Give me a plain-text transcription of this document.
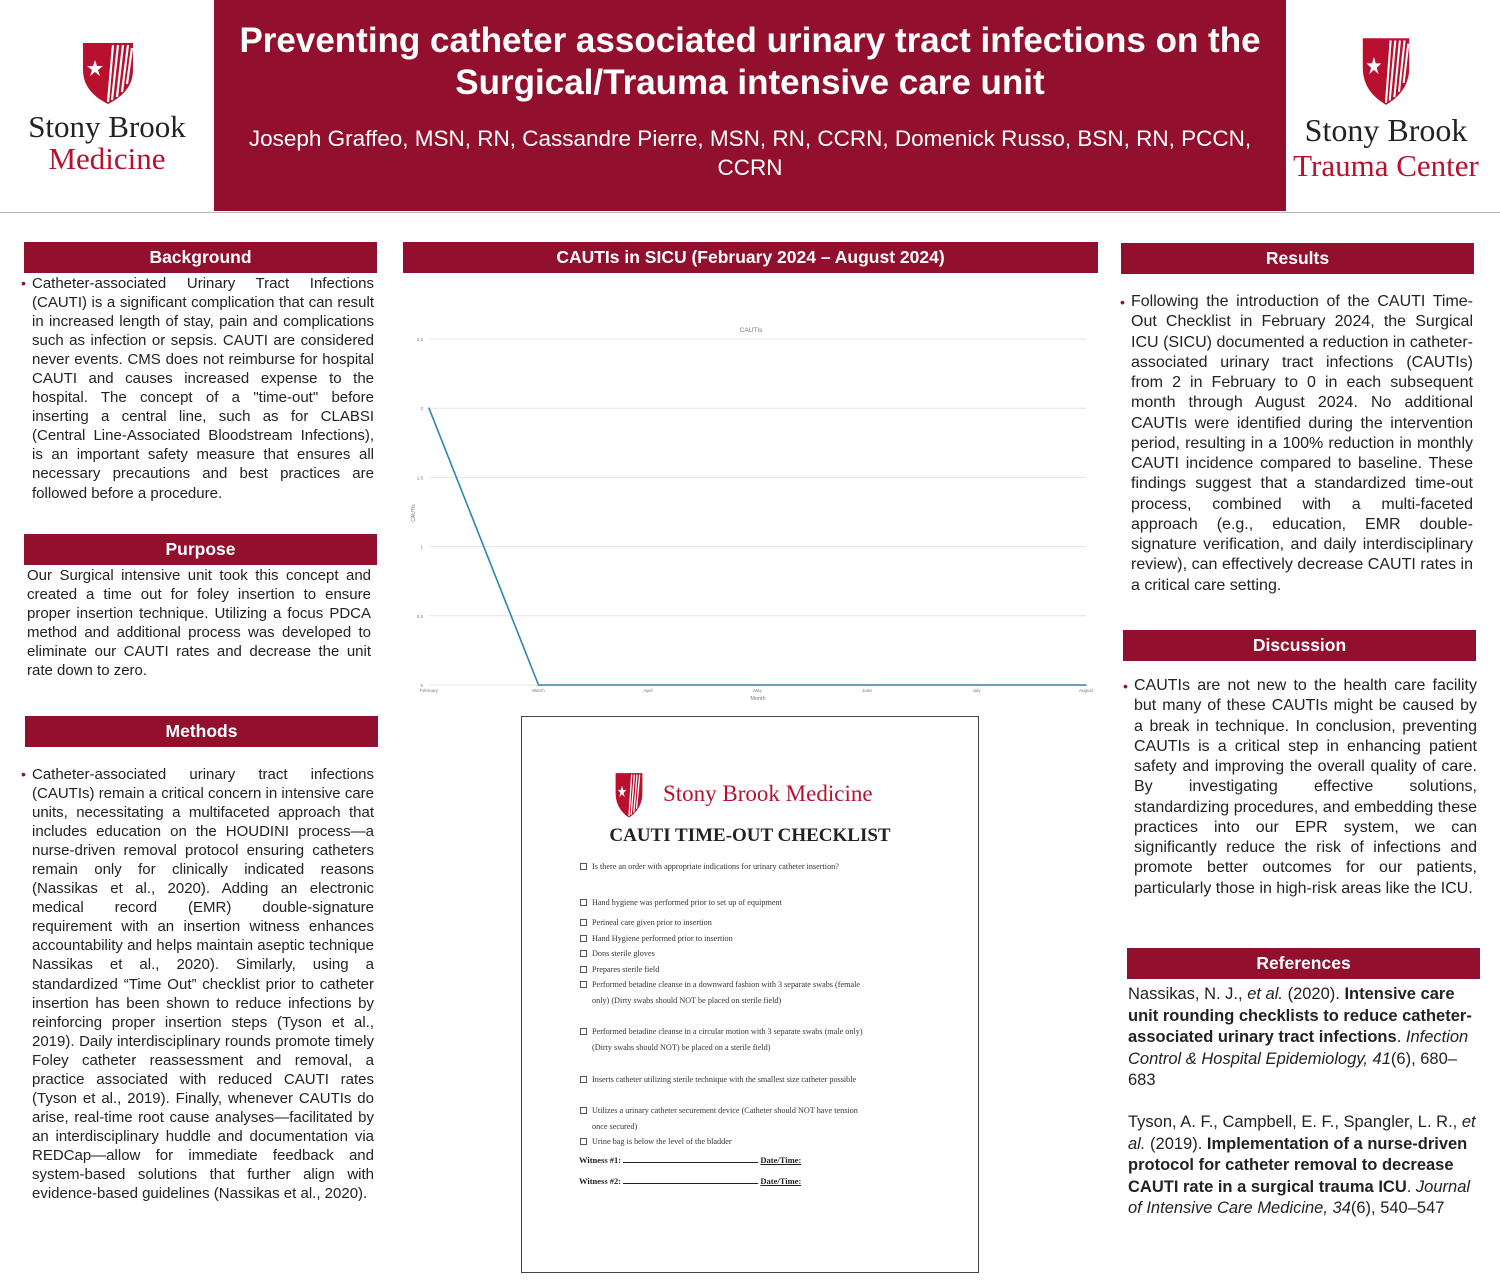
Stony Brook
Medicine
Preventing catheter associated urinary tract infections on the Surgical/Trauma intensive care unit
Joseph Graffeo, MSN, RN, Cassandre Pierre, MSN, RN, CCRN, Domenick Russo, BSN, RN, PCCN, CCRN
Stony Brook
Trauma Center
Background
• Catheter-associated Urinary Tract Infections (CAUTI) is a significant complication that can result in increased length of stay, pain and complications such as infection or sepsis. CAUTI are considered never events. CMS does not reimburse for hospital CAUTI and causes increased expense to the hospital. The concept of a "time-out" before inserting a central line, such as for CLABSI (Central Line-Associated Bloodstream Infections), is an important safety measure that ensures all necessary precautions and best practices are followed before a procedure.
Purpose
Our Surgical intensive unit took this concept and created a time out for foley insertion to ensure proper insertion technique. Utilizing a focus PDCA method and additional process was developed to eliminate our CAUTI rates and decrease the unit rate down to zero.
Methods
• Catheter-associated urinary tract infections (CAUTIs) remain a critical concern in intensive care units, necessitating a multifaceted approach that includes education on the HOUDINI process—a nurse-driven removal protocol ensuring catheters remain only for clinically indicated reasons (Nassikas et al., 2020). Adding an electronic medical record (EMR) double-signature requirement with an insertion witness enhances accountability and helps maintain aseptic technique Nassikas et al., 2020). Similarly, using a standardized “Time Out” checklist prior to catheter insertion has been shown to reduce infections by reinforcing proper insertion steps (Tyson et al., 2019). Daily interdisciplinary rounds promote timely Foley catheter reassessment and removal, a practice associated with reduced CAUTI rates (Tyson et al., 2019). Finally, whenever CAUTIs do arise, real-time root cause analyses—facilitated by an interdisciplinary huddle and documentation via REDCap—allow for immediate feedback and system-based solutions that further align with evidence-based guidelines (Nassikas et al., 2020).
CAUTIs in SICU (February 2024 – August 2024)
CAUTIs
Month
CAUTIs
0
0.5
1
1.5
2
2.5
February	March	April	May	June	July	August
Stony Brook Medicine
CAUTI TIME-OUT CHECKLIST
Is there an order with appropriate indications for urinary catheter insertion?
Hand hygiene was performed prior to set up of equipment
Perineal care given prior to insertion
Hand Hygiene performed prior to insertion
Dons sterile gloves
Prepares sterile field
Performed betadine cleanse in a downward fashion with 3 separate swabs (female only) (Dirty swabs should NOT be placed on sterile field)
Performed betadine cleanse in a circular motion with 3 separate swabs (male only) (Dirty swabs should NOT) be placed on a sterile field)
Inserts catheter utilizing sterile technique with the smallest size catheter possible
Utilizes a urinary catheter securement device (Catheter should NOT have tension once secured)
Urine bag is below the level of the bladder
Witness #1:	Date/Time:
Witness #2:	Date/Time:
Results
• Following the introduction of the CAUTI Time-Out Checklist in February 2024, the Surgical ICU (SICU) documented a reduction in catheter-associated urinary tract infections (CAUTIs) from 2 in February to 0 in each subsequent month through August 2024. No additional CAUTIs were identified during the intervention period, resulting in a 100% reduction in monthly CAUTI incidence compared to baseline. These findings suggest that a standardized time-out process, combined with a multi-faceted approach (e.g., education, EMR double-signature verification, and daily interdisciplinary review), can effectively decrease CAUTI rates in a critical care setting.
Discussion
• CAUTIs are not new to the health care facility but many of these CAUTIs might be caused by a break in technique. In conclusion, preventing CAUTIs is a critical step in enhancing patient safety and improving the overall quality of care. By investigating effective solutions, standardizing procedures, and embedding these practices into our EPR system, we can significantly reduce the risk of infections and promote better outcomes for our patients, particularly those in high-risk areas like the ICU.
References
Nassikas, N. J., et al. (2020). Intensive care unit rounding checklists to reduce catheter-associated urinary tract infections. Infection Control & Hospital Epidemiology, 41(6), 680–683
Tyson, A. F., Campbell, E. F., Spangler, L. R., et al. (2019). Implementation of a nurse-driven protocol for catheter removal to decrease CAUTI rate in a surgical trauma ICU. Journal of Intensive Care Medicine, 34(6), 540–547
